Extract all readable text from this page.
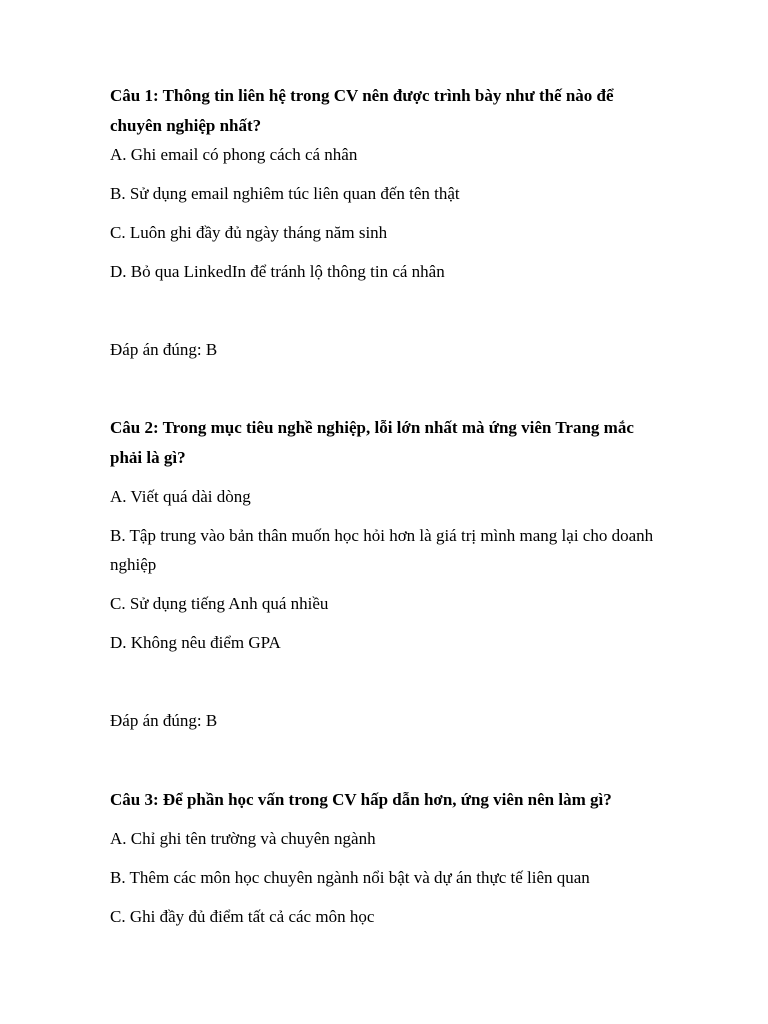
Câu 1: Thông tin liên hệ trong CV nên được trình bày như thế nào để
chuyên nghiệp nhất?
A. Ghi email có phong cách cá nhân
B. Sử dụng email nghiêm túc liên quan đến tên thật
C. Luôn ghi đầy đủ ngày tháng năm sinh
D. Bỏ qua LinkedIn để tránh lộ thông tin cá nhân
Đáp án đúng: B
Câu 2: Trong mục tiêu nghề nghiệp, lỗi lớn nhất mà ứng viên Trang mắc
phải là gì?
A. Viết quá dài dòng
B. Tập trung vào bản thân muốn học hỏi hơn là giá trị mình mang lại cho doanh
nghiệp
C. Sử dụng tiếng Anh quá nhiều
D. Không nêu điểm GPA
Đáp án đúng: B
Câu 3: Để phần học vấn trong CV hấp dẫn hơn, ứng viên nên làm gì?
A. Chỉ ghi tên trường và chuyên ngành
B. Thêm các môn học chuyên ngành nổi bật và dự án thực tế liên quan
C. Ghi đầy đủ điểm tất cả các môn học
